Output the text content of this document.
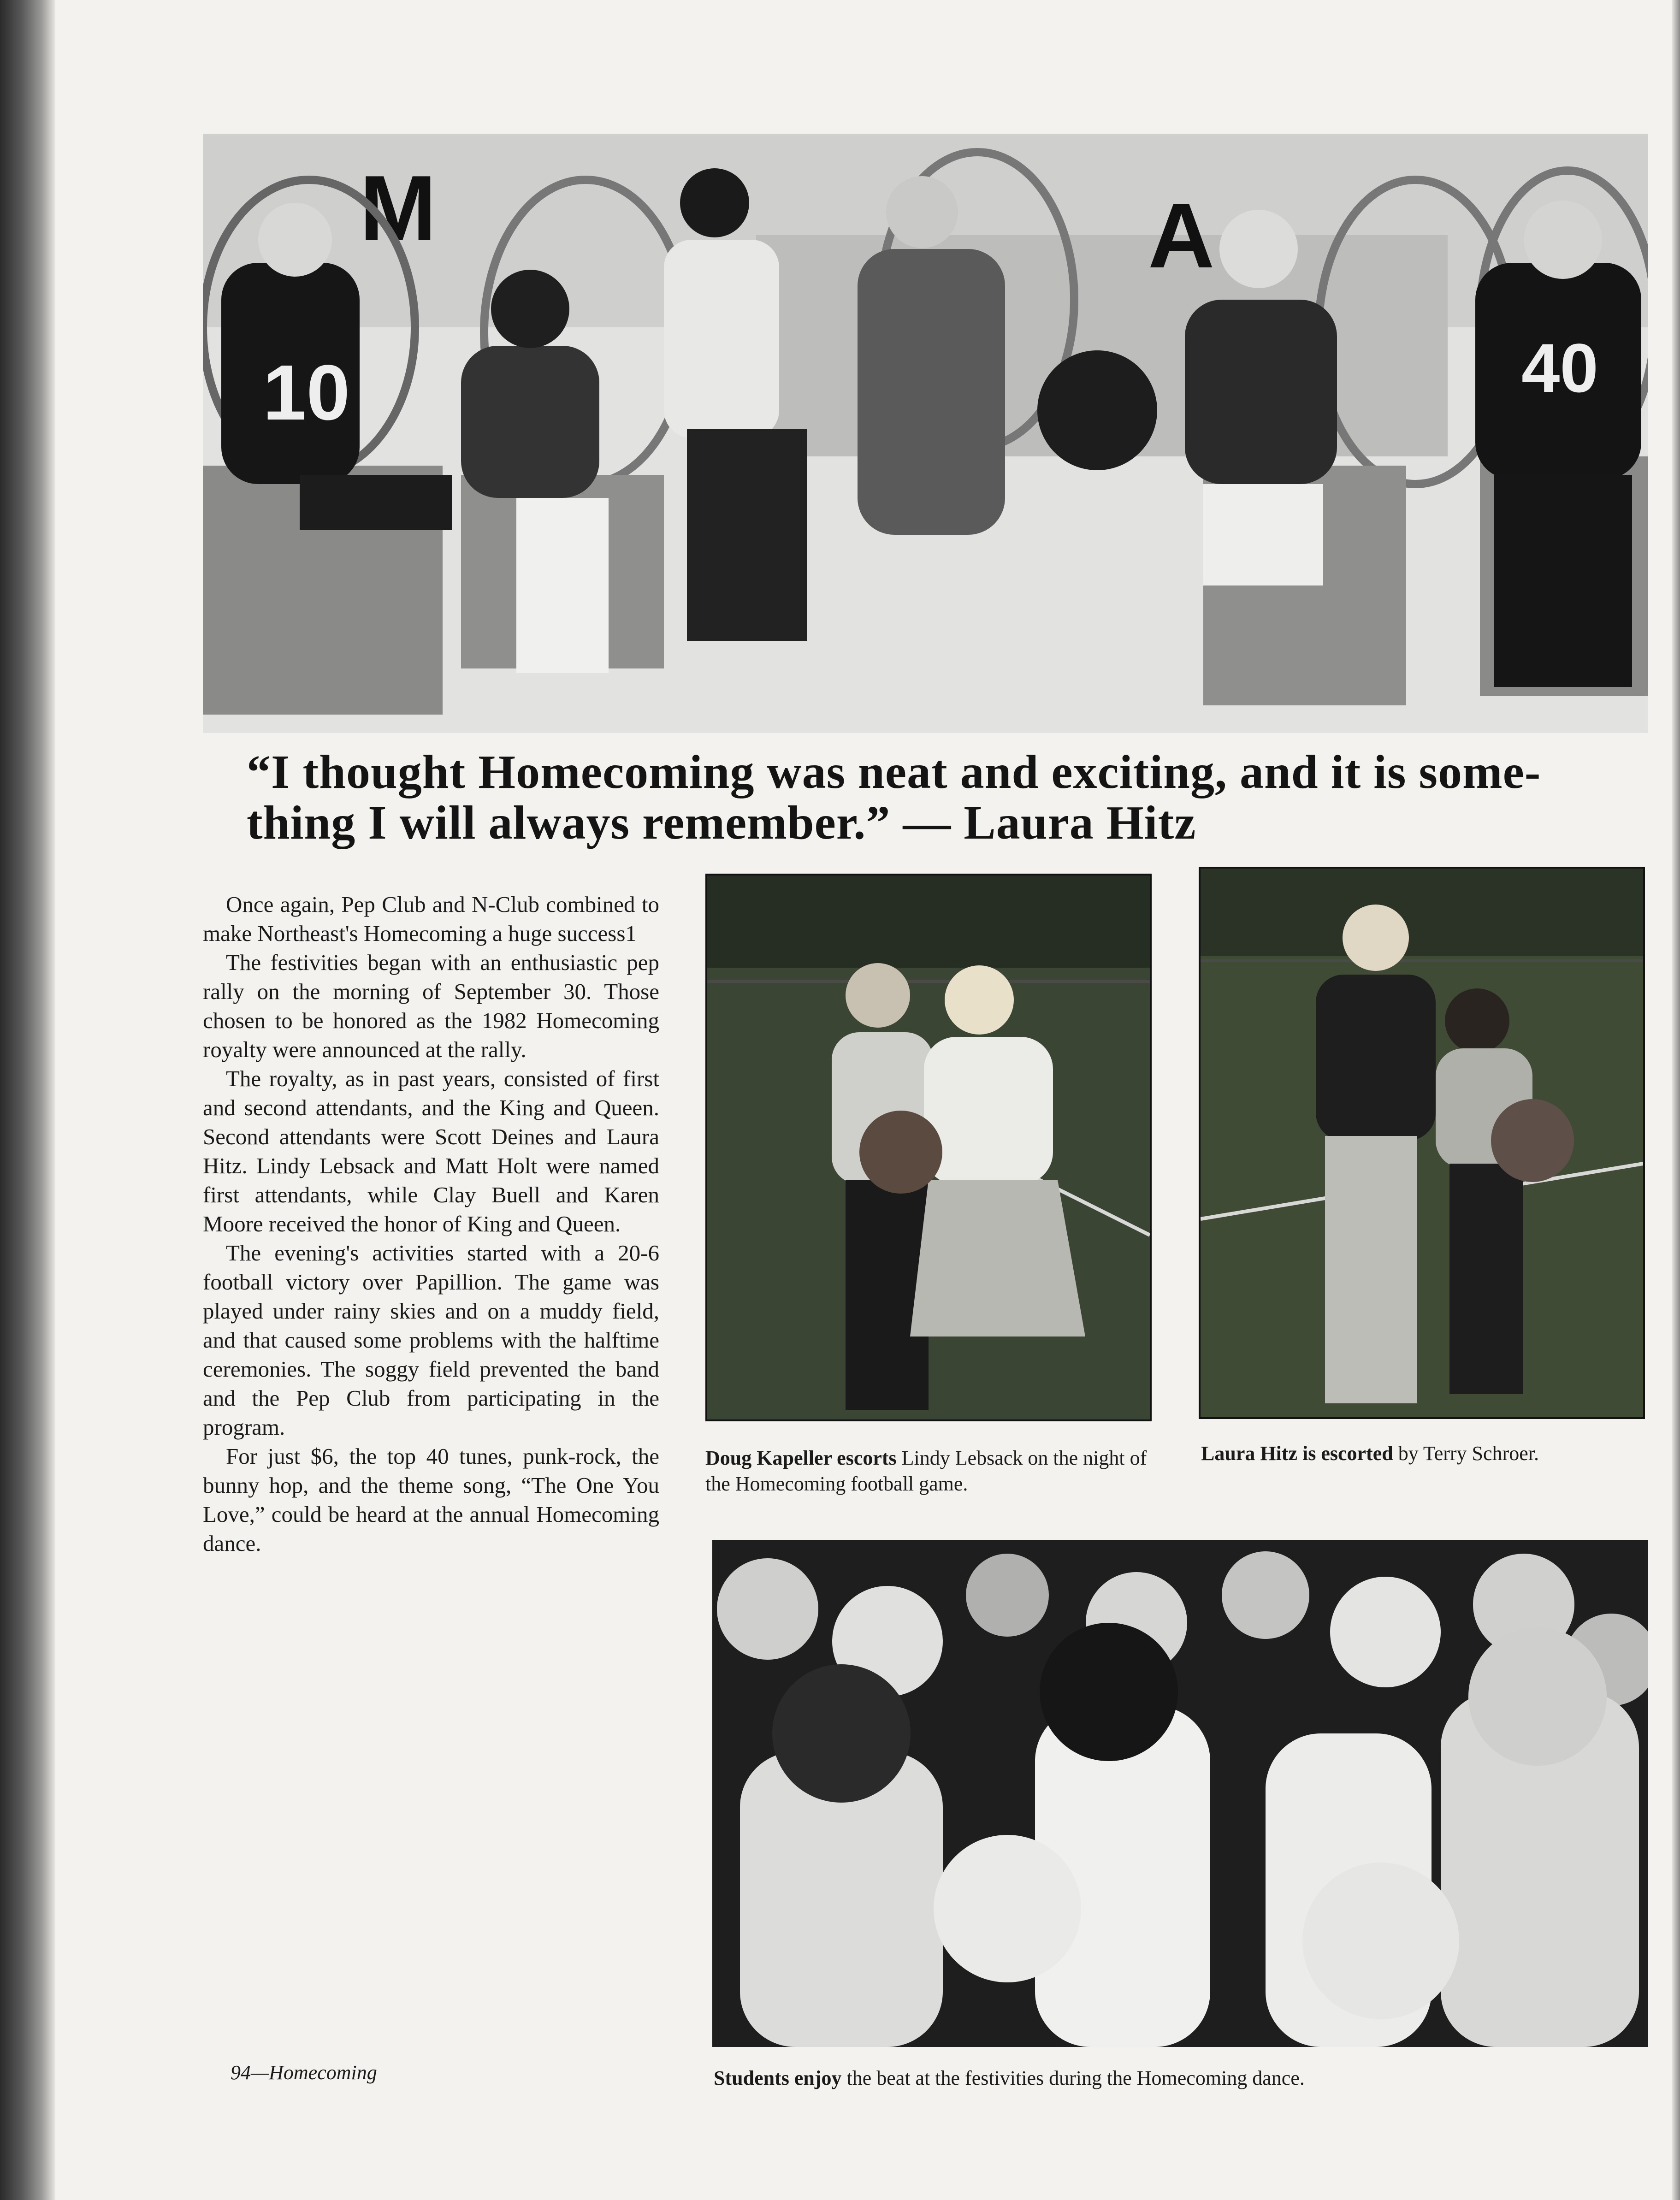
M	A
10	40
“I thought Homecoming was neat and exciting, and it is some-thing I will always remember.” — Laura Hitz

Once again, Pep Club and N-Club combined to make Northeast's Homecoming a huge success1

The festivities began with an enthusiastic pep rally on the morning of September 30. Those chosen to be honored as the 1982 Homecoming royalty were announced at the rally.

The royalty, as in past years, consisted of first and second attendants, and the King and Queen. Second attendants were Scott Deines and Laura Hitz. Lindy Lebsack and Matt Holt were named first attendants, while Clay Buell and Karen Moore received the honor of King and Queen.

The evening's activities started with a 20-6 football victory over Papillion. The game was played under rainy skies and on a muddy field, and that caused some problems with the halftime ceremonies. The soggy field prevented the band and the Pep Club from participating in the program.

For just $6, the top 40 tunes, punk-rock, the bunny hop, and the theme song, “The One You Love,” could be heard at the annual Homecoming dance.

Doug Kapeller escorts Lindy Lebsack on the night of the Homecoming football game.
Laura Hitz is escorted by Terry Schroer.
Students enjoy the beat at the festivities during the Homecoming dance.
94—Homecoming
